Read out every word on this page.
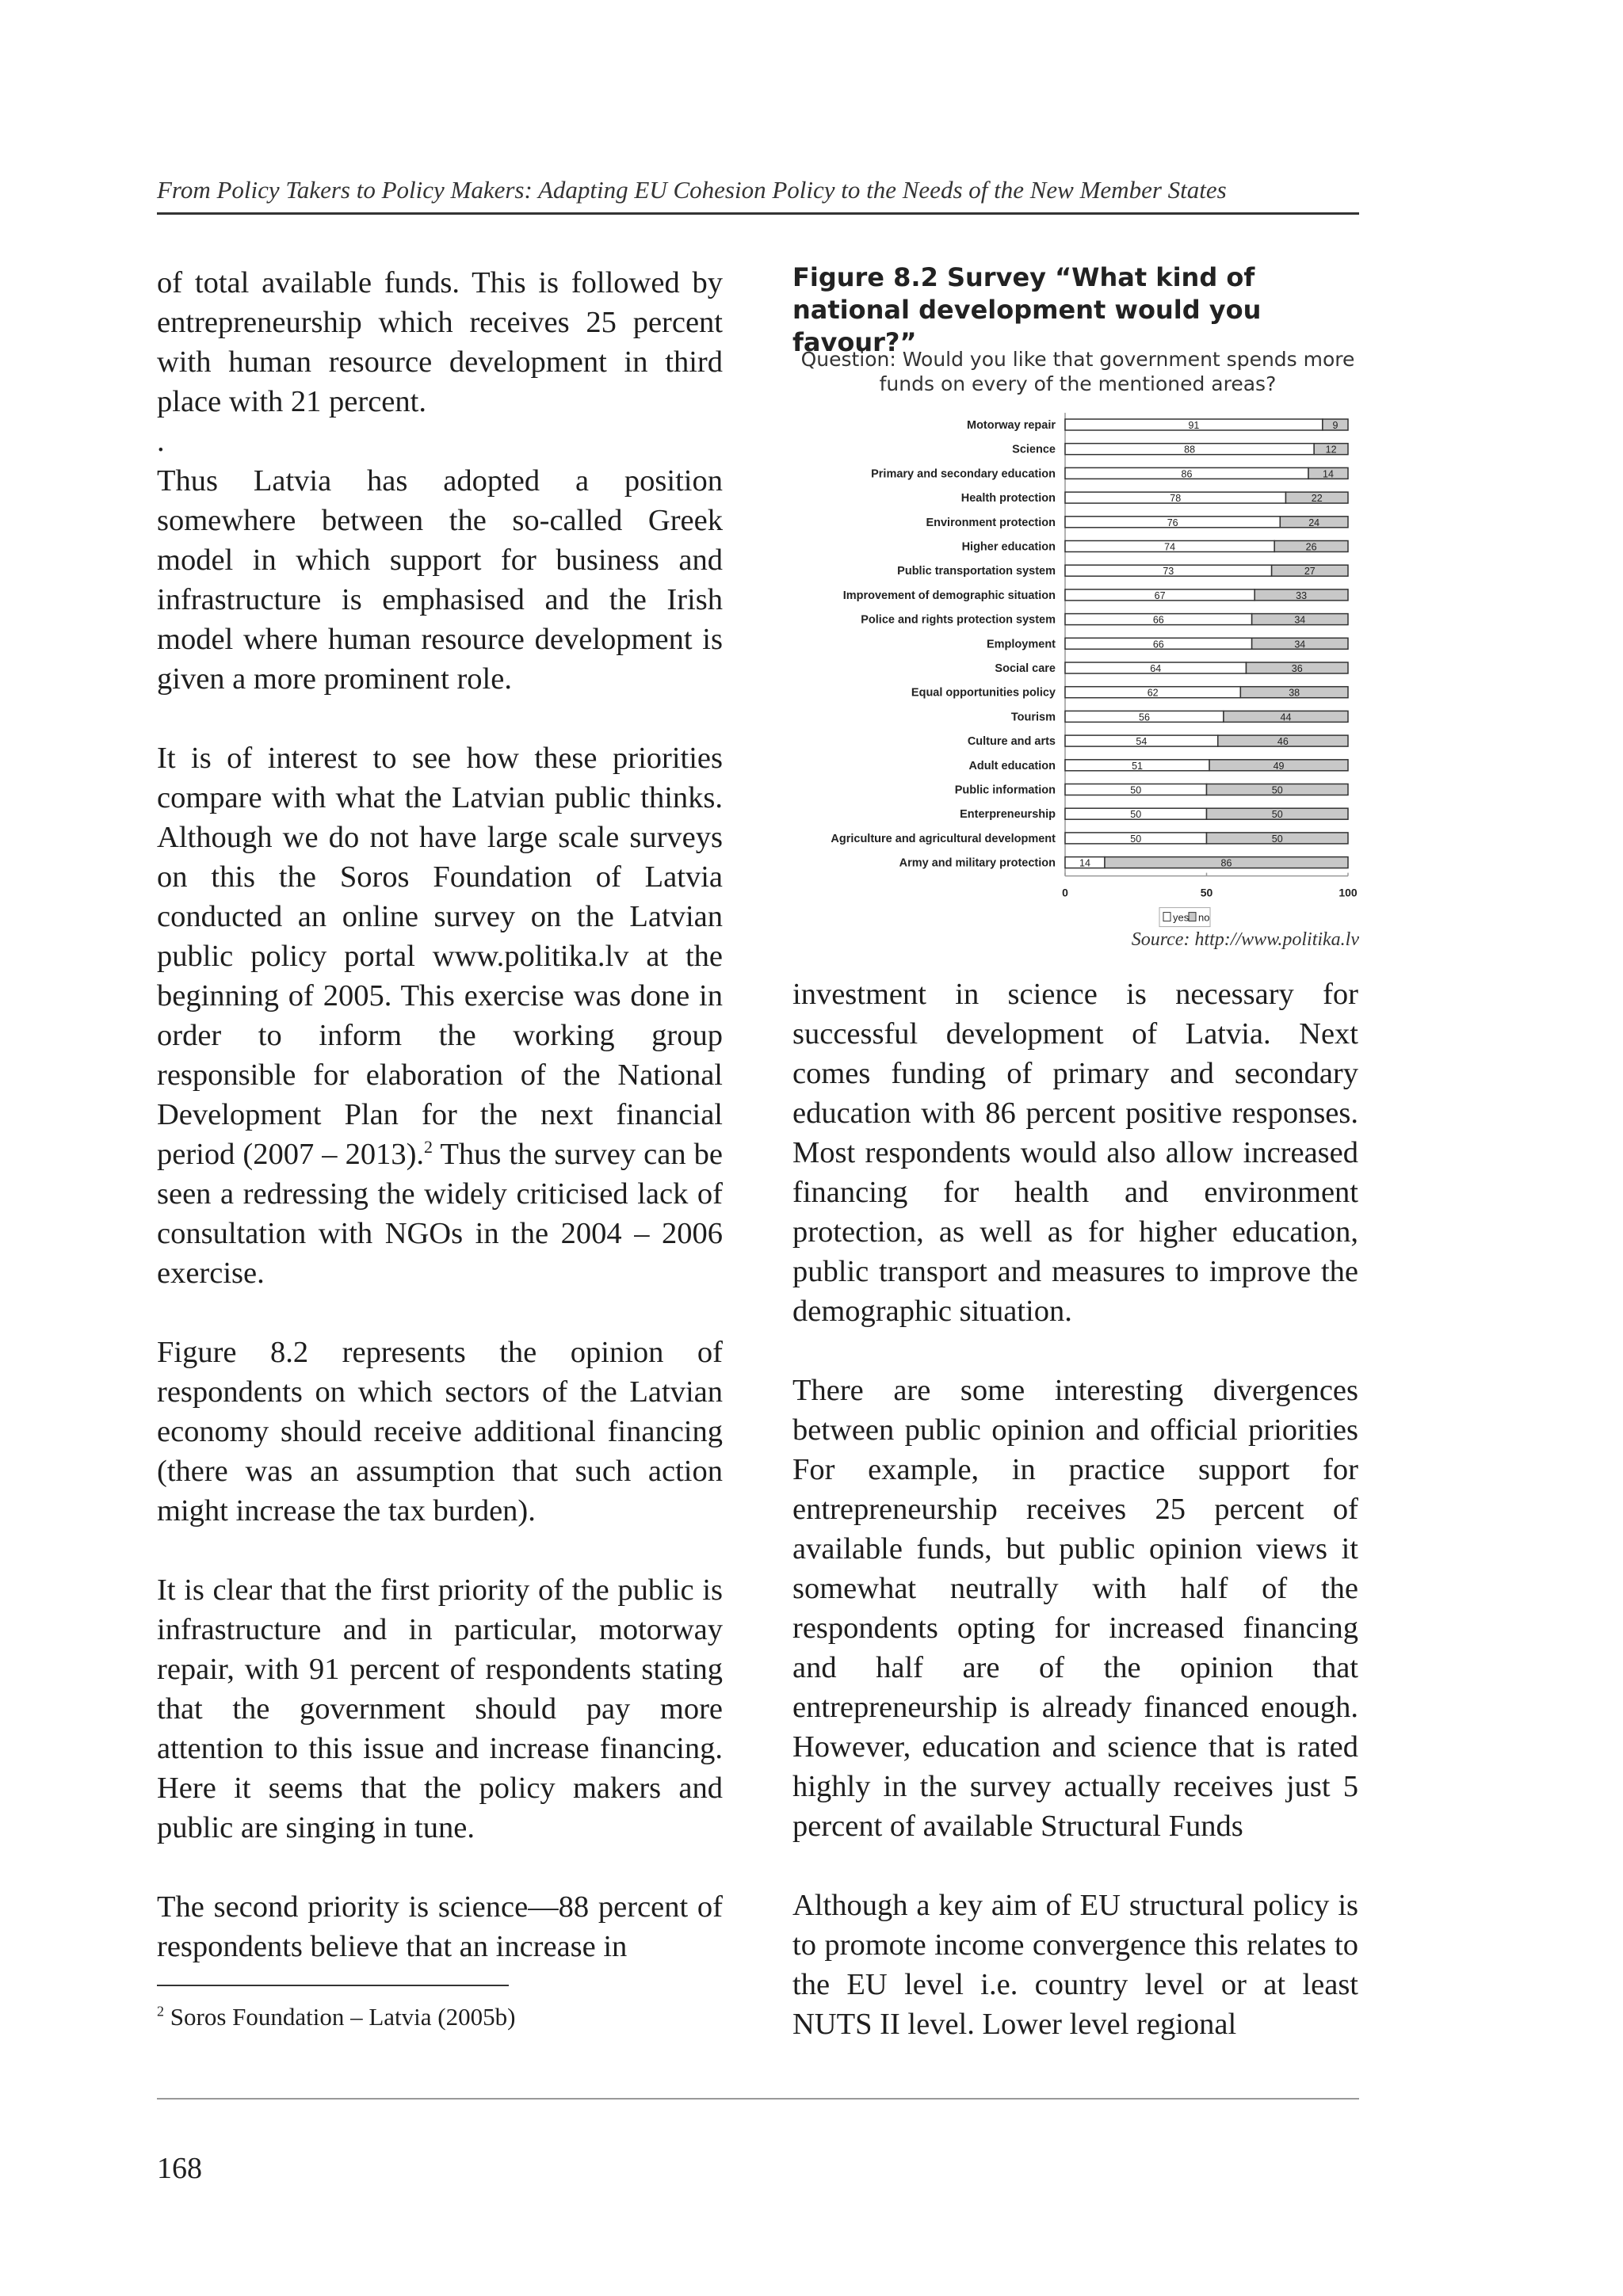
From Policy Takers to Policy Makers: Adapting EU Cohesion Policy to the Needs of the New Member States

of total available funds. This is followed by entrepreneurship which receives 25 percent with human resource development in third place with 21 percent.

.

Thus Latvia has adopted a position somewhere between the so-called Greek model in which support for business and infrastructure is emphasised and the Irish model where human resource development is given a more prominent role.

It is of interest to see how these priorities compare with what the Latvian public thinks. Although we do not have large scale surveys on this the Soros Foundation of Latvia conducted an online survey on the Latvian public policy portal www.politika.lv at the beginning of 2005. This exercise was done in order to inform the working group responsible for elaboration of the National Development Plan for the next financial period (2007 – 2013).$^2$ Thus the survey can be seen a redressing the widely criticised lack of consultation with NGOs in the 2004 – 2006 exercise.

Figure 8.2 represents the opinion of respondents on which sectors of the Latvian economy should receive additional financing (there was an assumption that such action might increase the tax burden).

It is clear that the first priority of the public is infrastructure and in particular, motorway repair, with 91 percent of respondents stating that the government should pay more attention to this issue and increase financing. Here it seems that the policy makers and public are singing in tune.

The second priority is science—88 percent of respondents believe that an increase in

Figure 8.2 Survey “What kind of national development would you favour?”
Question: Would you like that government spends more funds on every of the mentioned areas?
Motorway repair	91	9
Science	88	12
Primary and secondary education	86	14
Health protection	78	22
Environment protection	76	24
Higher education	74	26
Public transportation system	73	27
Improvement of demographic situation	67	33
Police and rights protection system	66	34
Employment	66	34
Social care	64	36
Equal opportunities policy	62	38
Tourism	56	44
Culture and arts	54	46
Adult education	51	49
Public information	50	50
Enterpreneurship	50	50
Agriculture and agricultural development	50	50
Army and military protection 14	86
0	50	100
yes no
Source: http://www.politika.lv

investment in science is necessary for successful development of Latvia. Next comes funding of primary and secondary education with 86 percent positive responses. Most respondents would also allow increased financing for health and environment protection, as well as for higher education, public transport and measures to improve the demographic situation.

There are some interesting divergences between public opinion and official priorities For example, in practice support for entrepreneurship receives 25 percent of available funds, but public opinion views it somewhat neutrally with half of the respondents opting for increased financing and half are of the opinion that entrepreneurship is already financed enough. However, education and science that is rated highly in the survey actually receives just 5 percent of available Structural Funds

Although a key aim of EU structural policy is to promote income convergence this relates to the EU level i.e. country level or at least NUTS II level. Lower level regional

$^2$ Soros Foundation – Latvia (2005b)
168
